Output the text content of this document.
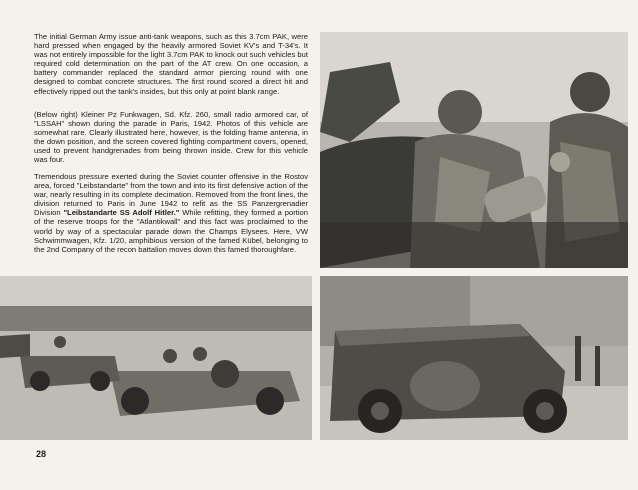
The initial German Army issue anti-tank weapons, such as this 3.7cm PAK, were hard pressed when engaged by the heavily armored Soviet KV's and T-34's. It was not entirely impossible for the light 3.7cm PAK to knock out such vehicles but required cold determination on the part of the AT crew. On one occasion, a battery commander replaced the standard armor piercing round with one designed to combat concrete structures. The first round scored a direct hit and effectively ripped out the tank's insides, but this only at point blank range.

(Below right) Kleiner Pz Funkwagen, Sd. Kfz. 260, small radio armored car, of "LSSAH" shown during the parade in Paris, 1942. Photos of this vehicle are somewhat rare. Clearly illustrated here, however, is the folding frame antenna, in the down position, and the screen covered fighting compartment covers, opened, used to prevent handgrenades from being thrown inside. Crew for this vehicle was four.

Tremendous pressure exerted during the Soviet counter offensive in the Rostov area, forced "Leibstandarte" from the town and into its first defensive action of the war, nearly resulting in its complete decimation. Removed from the front lines, the division returned to Paris in June 1942 to refit as the SS Panzergrenadier Division "Leibstandarte SS Adolf Hitler." While refitting, they formed a portion of the reserve troops for the "Atlantikwall" and this fact was proclaimed to the world by way of a spectacular parade down the Champs Elysees. Here, VW Schwimmwagen, Kfz. 1/20, amphibious version of the famed Kübel, belonging to the 2nd Company of the recon battalion moves down this famed thoroughfare.

28
